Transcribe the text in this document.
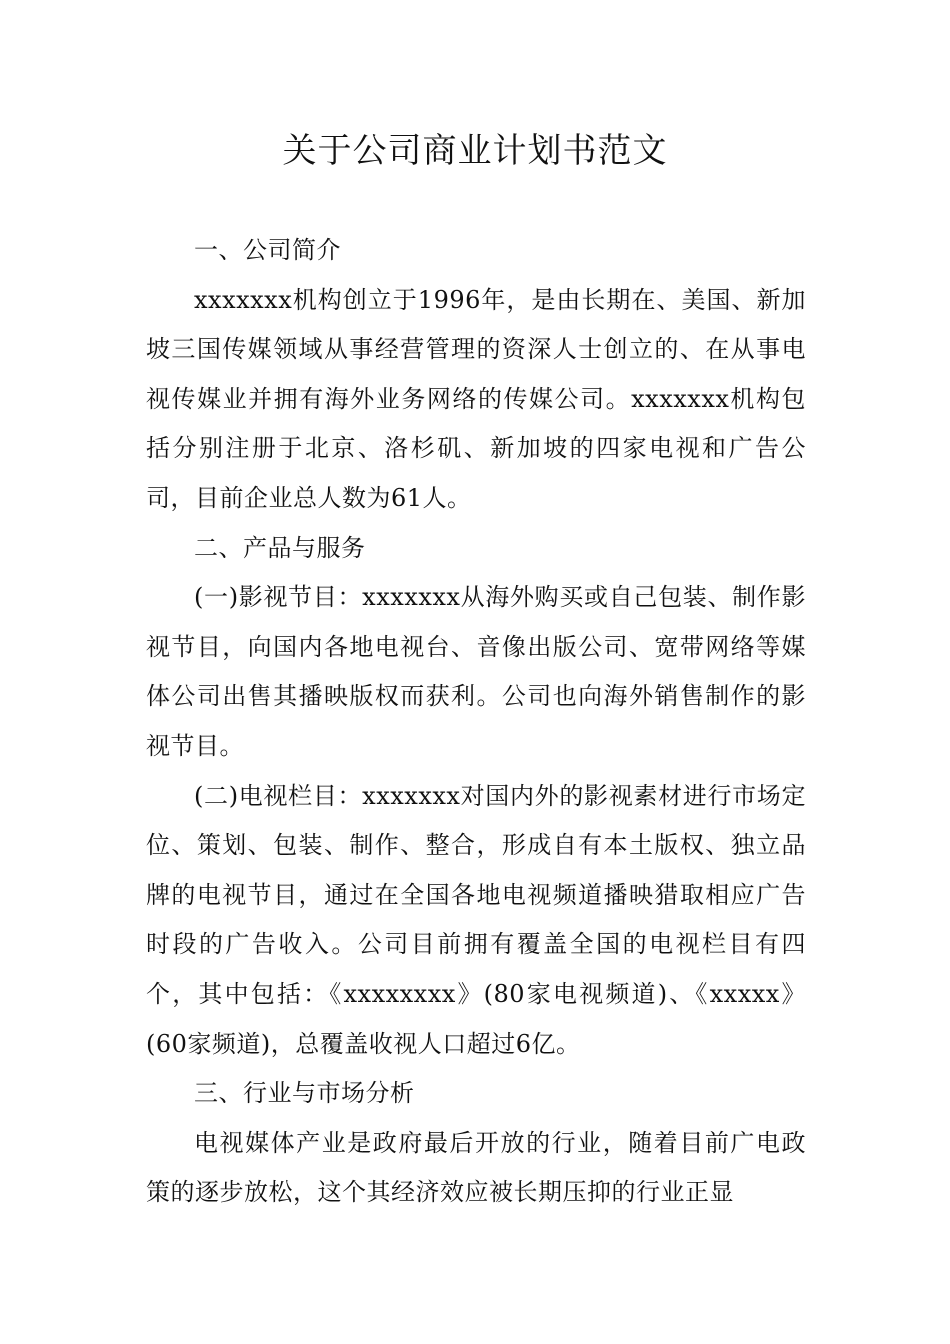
关于公司商业计划书范文

一、公司简介

xxxxxxx机构创立于1996年，是由长期在、美国、新加坡三国传媒领域从事经营管理的资深人士创立的、在从事电视传媒业并拥有海外业务网络的传媒公司。xxxxxxx机构包括分别注册于北京、洛杉矶、新加坡的四家电视和广告公司，目前企业总人数为61人。

二、产品与服务

(一)影视节目：xxxxxxx从海外购买或自己包装、制作影视节目，向国内各地电视台、音像出版公司、宽带网络等媒体公司出售其播映版权而获利。公司也向海外销售制作的影视节目。

(二)电视栏目：xxxxxxx对国内外的影视素材进行市场定位、策划、包装、制作、整合，形成自有本土版权、独立品牌的电视节目，通过在全国各地电视频道播映猎取相应广告时段的广告收入。公司目前拥有覆盖全国的电视栏目有四个，其中包括：《xxxxxxxx》(80家电视频道)、《xxxxx》(60家频道)，总覆盖收视人口超过6亿。

三、行业与市场分析

电视媒体产业是政府最后开放的行业，随着目前广电政策的逐步放松，这个其经济效应被长期压抑的行业正显
